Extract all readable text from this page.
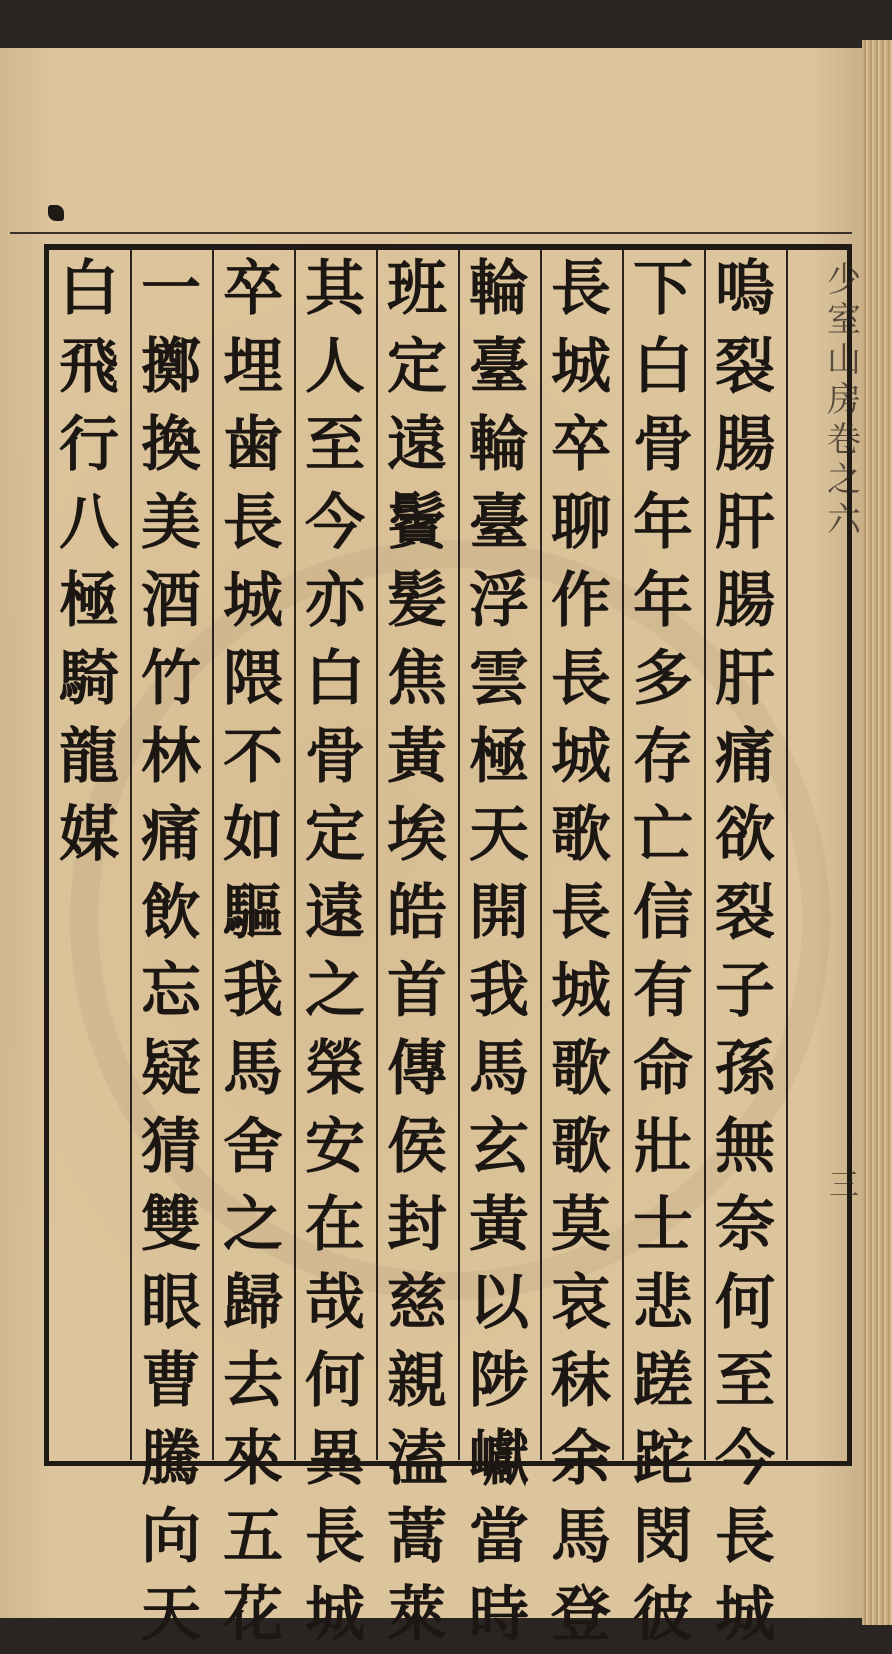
少
室
山
房
卷
之
六
三
嗚
裂
腸
肝
腸
肝
痛
欲
裂
子
孫
無
奈
何
至
今
長
城
下
白
骨
年
年
多
存
亡
信
有
命
壯
士
悲
蹉
跎
閔
彼
長
城
卒
聊
作
長
城
歌
長
城
歌
歌
莫
哀
秣
余
馬
登
輪
臺
輪
臺
浮
雲
極
天
開
我
馬
玄
黃
以
陟
巘
當
時
班
定
遠
鬢
髪
焦
黃
埃
皓
首
傳
侯
封
慈
親
溘
蒿
萊
其
人
至
今
亦
白
骨
定
遠
之
榮
安
在
哉
何
異
長
城
卒
埋
歯
長
城
隈
不
如
驅
我
馬
舍
之
歸
去
來
五
花
一
擲
換
美
酒
竹
林
痛
飲
忘
疑
猜
雙
眼
曹
騰
向
天
白
飛
行
八
極
騎
龍
媒
